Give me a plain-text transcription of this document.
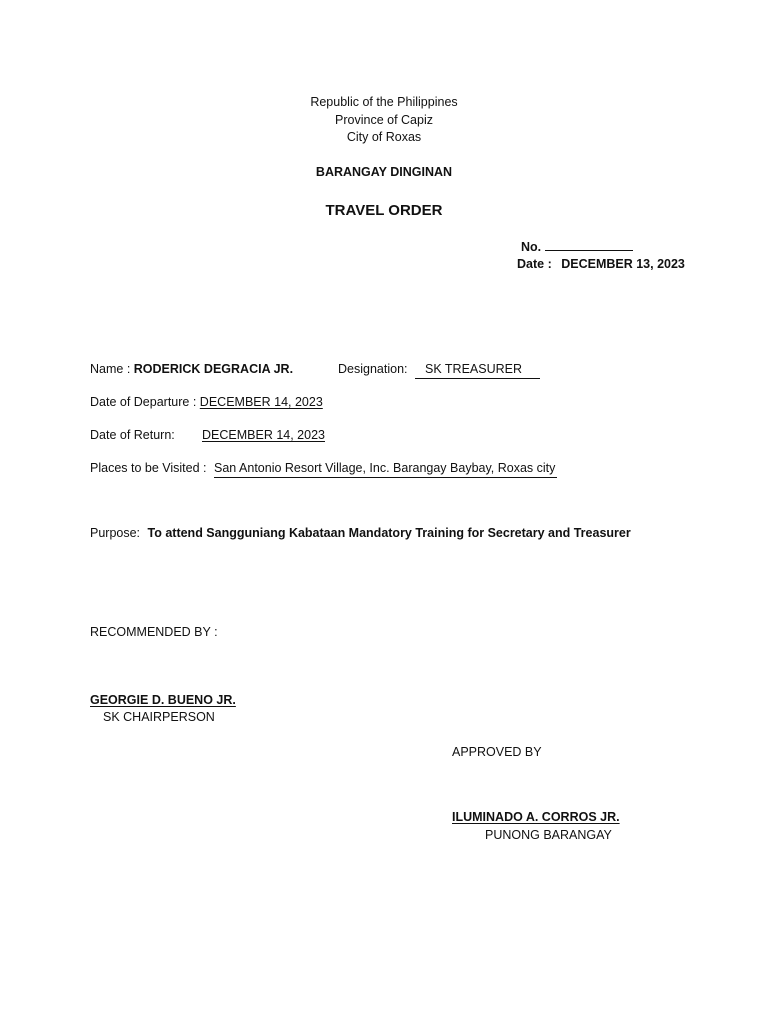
Republic of the Philippines
Province of Capiz
City of Roxas
BARANGAY DINGINAN
TRAVEL ORDER
No.
Date : DECEMBER 13, 2023
Name : RODERICK DEGRACIA JR.	Designation: SK TREASURER
Date of Departure : DECEMBER 14, 2023
Date of Return: DECEMBER 14, 2023
Places to be Visited : San Antonio Resort Village, Inc. Barangay Baybay, Roxas city
Purpose: To attend Sangguniang Kabataan Mandatory Training for Secretary and Treasurer
RECOMMENDED BY :
GEORGIE D. BUENO JR.
SK CHAIRPERSON
APPROVED BY
ILUMINADO A. CORROS JR.
PUNONG BARANGAY
